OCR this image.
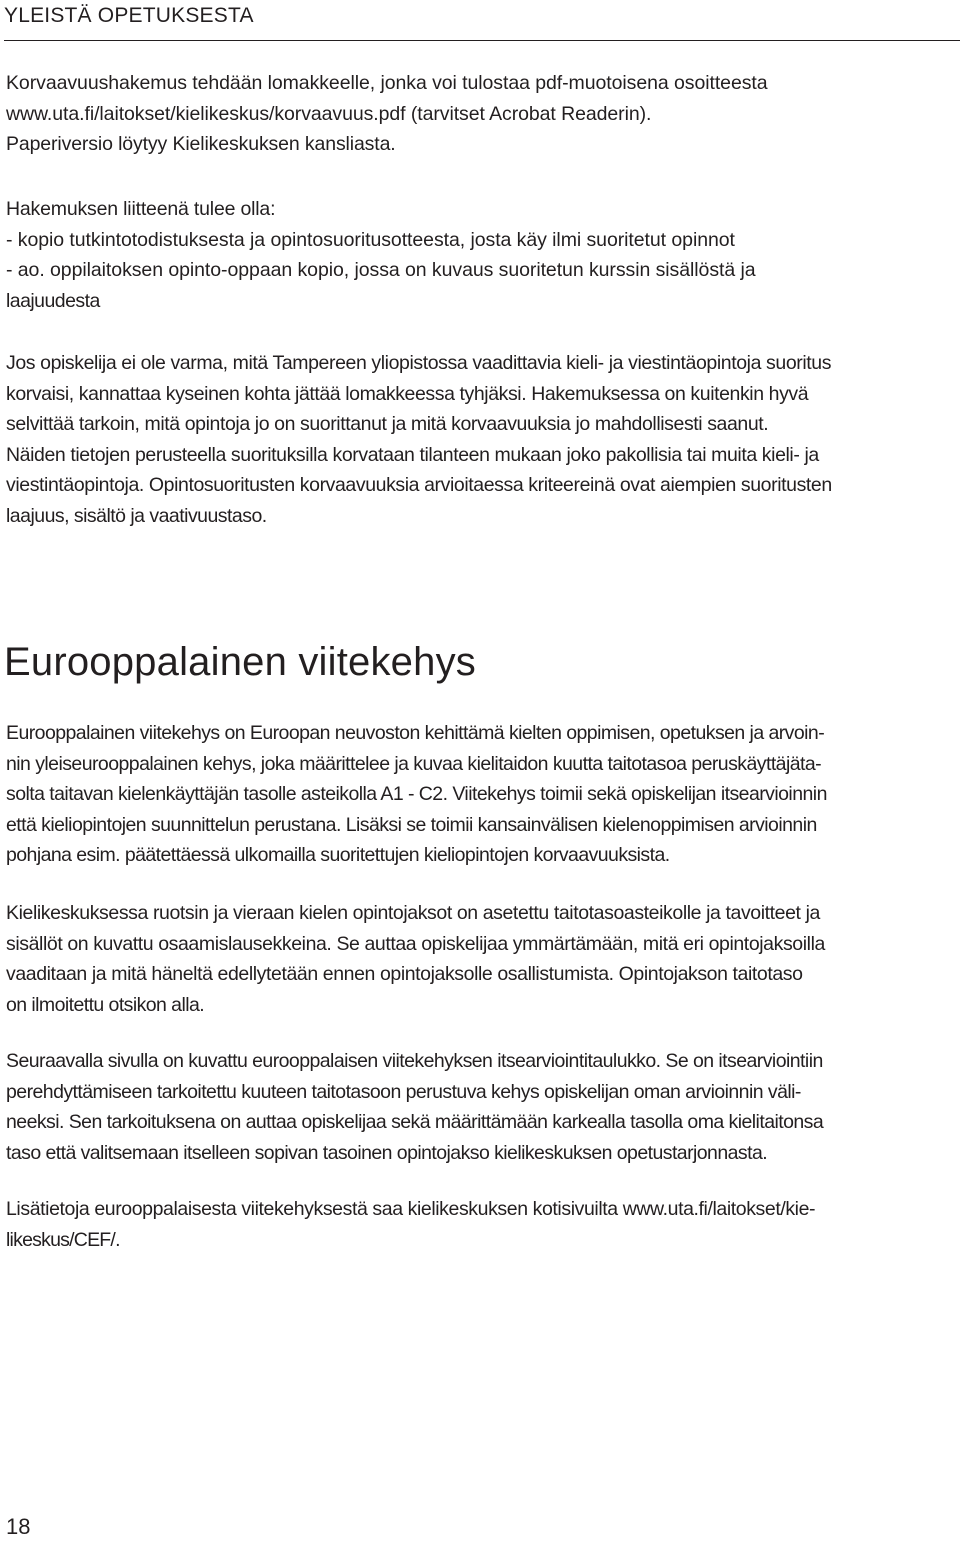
YLEISTÄ OPETUKSESTA
Korvaavuushakemus tehdään lomakkeelle, jonka voi tulostaa pdf-muotoisena osoitteesta
www.uta.fi/laitokset/kielikeskus/korvaavuus.pdf (tarvitset Acrobat Readerin).
Paperiversio löytyy Kielikeskuksen kansliasta.
Hakemuksen liitteenä tulee olla:
- kopio tutkintotodistuksesta ja opintosuoritusotteesta, josta käy ilmi suoritetut opinnot
- ao. oppilaitoksen opinto-oppaan kopio, jossa on kuvaus suoritetun kurssin sisällöstä ja
laajuudesta
Jos opiskelija ei ole varma, mitä Tampereen yliopistossa vaadittavia kieli- ja viestintäopintoja suoritus
korvaisi, kannattaa kyseinen kohta jättää lomakkeessa tyhjäksi. Hakemuksessa on kuitenkin hyvä
selvittää tarkoin, mitä opintoja jo on suorittanut ja mitä korvaavuuksia jo mahdollisesti saanut.
Näiden tietojen perusteella suorituksilla korvataan tilanteen mukaan joko pakollisia tai muita kieli- ja
viestintäopintoja. Opintosuoritusten korvaavuuksia arvioitaessa kriteereinä ovat aiempien suoritusten
laajuus, sisältö ja vaativuustaso.
Eurooppalainen viitekehys
Eurooppalainen viitekehys on Euroopan neuvoston kehittämä kielten oppimisen, opetuksen ja arvoin-
nin yleiseurooppalainen kehys, joka määrittelee ja kuvaa kielitaidon kuutta taitotasoa peruskäyttäjäta-
solta taitavan kielenkäyttäjän tasolle asteikolla A1 - C2. Viitekehys toimii sekä opiskelijan itsearvioinnin
että kieliopintojen suunnittelun perustana. Lisäksi se toimii kansainvälisen kielenoppimisen arvioinnin
pohjana esim. päätettäessä ulkomailla suoritettujen kieliopintojen korvaavuuksista.
Kielikeskuksessa ruotsin ja vieraan kielen opintojaksot on asetettu taitotasoasteikolle ja tavoitteet ja
sisällöt on kuvattu osaamislausekkeina. Se auttaa opiskelijaa ymmärtämään, mitä eri opintojaksoilla
vaaditaan ja mitä häneltä edellytetään ennen opintojaksolle osallistumista. Opintojakson taitotaso
on ilmoitettu otsikon alla.
Seuraavalla sivulla on kuvattu eurooppalaisen viitekehyksen itsearviointitaulukko. Se on itsearviointiin
perehdyttämiseen tarkoitettu kuuteen taitotasoon perustuva kehys opiskelijan oman arvioinnin väli-
neeksi. Sen tarkoituksena on auttaa opiskelijaa sekä määrittämään karkealla tasolla oma kielitaitonsa
taso että valitsemaan itselleen sopivan tasoinen opintojakso kielikeskuksen opetustarjonnasta.
Lisätietoja eurooppalaisesta viitekehyksestä saa kielikeskuksen kotisivuilta www.uta.fi/laitokset/kie-
likeskus/CEF/.
18
